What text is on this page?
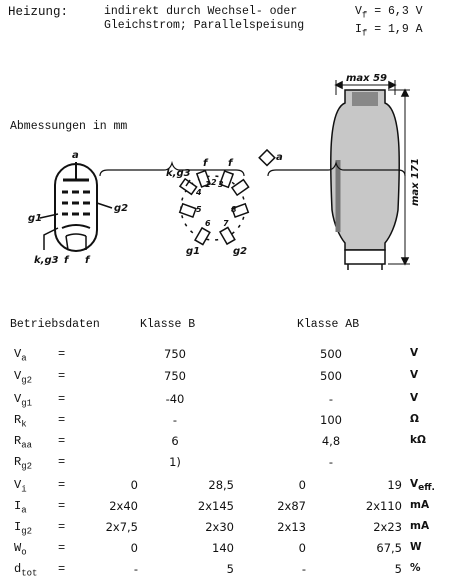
Heizung:	indirekt durch Wechsel- oder
Gleichstrom; Parallelspeisung
$V_f = 6,3$ V
$I_f = 1,9$ A
Abmessungen in mm
max 59
max 171
a
g2
g1
k,g3 f f
k,g3
f f
a
2
1 3
4
5
6 7
8
g1	g2
Betriebsdaten	Klasse B	Klasse AB
$V_a$	=	750	500	V
$V_{g2}$ =	750	500	V
$V_{g1}$ =	-40	-	V
$R_k$	=	-	100	Ω
$R_{aa}$ =	6	4,8	kΩ
$R_{g2}$ =	1)	-
$V_i$	=	0	28,5	0	19 $V_{eff.}$
$I_a$	=	2x40	2x145	2x87	2x110 mA
$I_{g2}$ =	2x7,5	2x30	2x13	2x23 mA
$W_o$	=	0	140	0	67,5 W
$d_{tot}$ =	-	5	-	5 %
